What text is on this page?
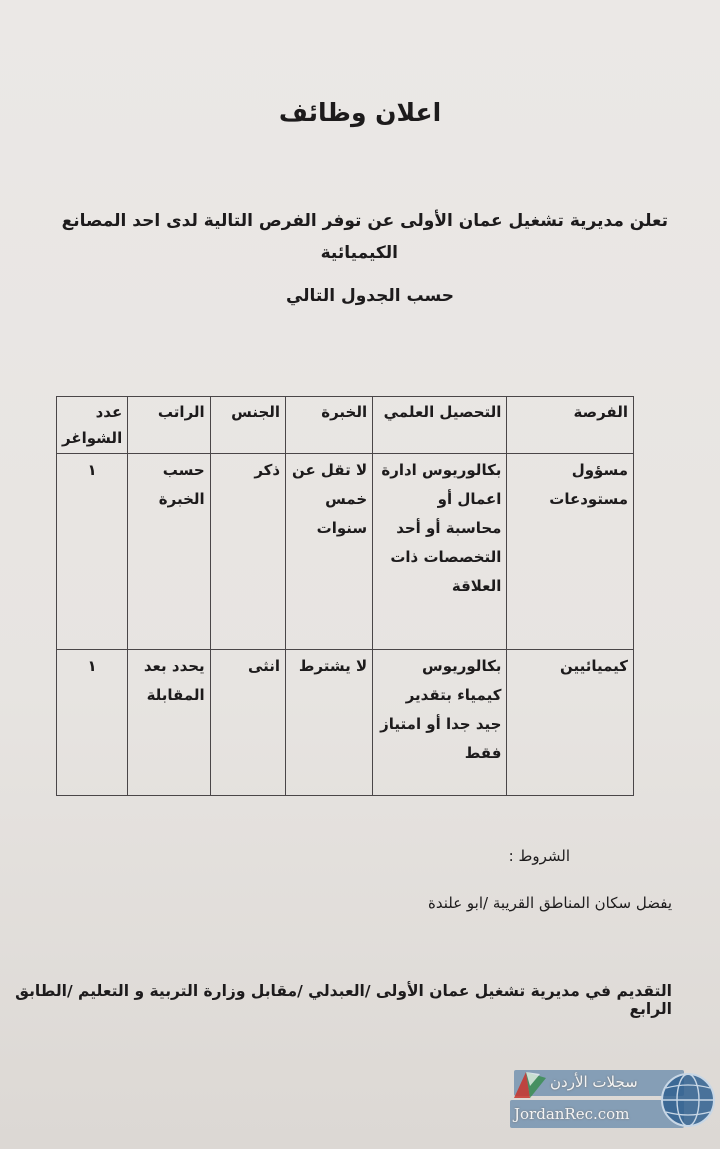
اعلان وظائف
تعلن مديرية تشغيل عمان الأولى عن توفر الفرص التالية لدى احد المصانع
الكيميائية
حسب الجدول التالي
الفرصة	التحصيل العلمي	الخبرة	الجنس	الراتب	عدد الشواغر
مسؤول مستودعات	بكالوريوس ادارة اعمال أو محاسبة أو أحد التخصصات ذات العلاقة	لا تقل عن خمس سنوات	ذكر	حسب الخبرة	١
كيميائيين	بكالوريوس كيمياء بتقدير جيد جدا أو امتياز فقط	لا يشترط	انثى	يحدد بعد المقابلة	١
الشروط :
يفضل سكان المناطق القريبة /ابو علندة
التقديم في مديرية تشغيل عمان الأولى /العبدلي /مقابل وزارة التربية و التعليم /الطابق الرابع
سجلات الأردن
JordanRec.com
